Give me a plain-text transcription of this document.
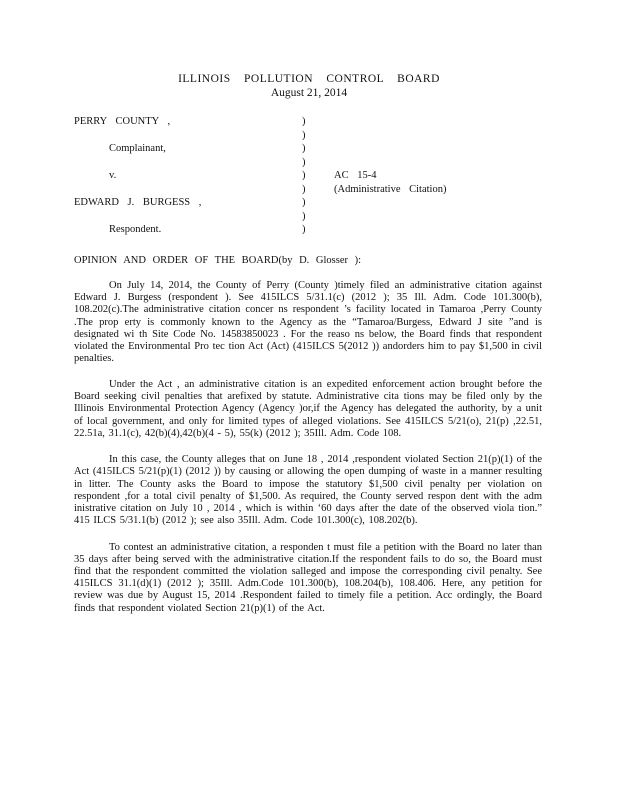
ILLINOIS POLLUTION CONTROL BOARD
August 21, 2014
PERRY COUNTY ,	)
)
Complainant,	)
)
v.	)	AC 15-4
)	(Administrative Citation)
EDWARD J. BURGESS ,	)
)
Respondent.	)
OPINION AND ORDER OF THE BOARD(by D. Glosser ):

On July 14, 2014, the County of Perry (County )timely filed an administrative citation against Edward J. Burgess (respondent ). See 415ILCS 5/31.1(c) (2012 ); 35 Ill. Adm. Code 101.300(b), 108.202(c).The administrative citation concer ns respondent ’s facility located in Tamaroa ,Perry County .The prop erty is commonly known to the Agency as the “Tamaroa/Burgess, Edward J site ”and is designated wi th Site Code No. 14583850023 . For the reaso ns below, the Board finds that respondent violated the Environmental Pro tec tion Act (Act) (415ILCS 5(2012 )) andorders him to pay $1,500 in civil penalties.

Under the Act , an administrative citation is an expedited enforcement action brought before the Board seeking civil penalties that arefixed by statute. Administrative cita tions may be filed only by the Illinois Environmental Protection Agency (Agency )or,if the Agency has delegated the authority, by a unit of local government, and only for limited types of alleged violations. See 415ILCS 5/21(o), 21(p) ,22.51, 22.51a, 31.1(c), 42(b)(4),42(b)(4 - 5), 55(k) (2012 ); 35Ill. Adm. Code 108.

In this case, the County alleges that on June 18 , 2014 ,respondent violated Section 21(p)(1) of the Act (415ILCS 5/21(p)(1) (2012 )) by causing or allowing the open dumping of waste in a manner resulting in litter. The County asks the Board to impose the statutory $1,500 civil penalty per violation on respondent ,for a total civil penalty of $1,500. As required, the County served respon dent with the adm inistrative citation on July 10 , 2014 , which is within ‘60 days after the date of the observed viola tion.” 415 ILCS 5/31.1(b) (2012 ); see also 35Ill. Adm. Code 101.300(c), 108.202(b).

To contest an administrative citation, a responden t must file a petition with the Board no later than 35 days after being served with the administrative citation.If the respondent fails to do so, the Board must find that the respondent committed the violation salleged and impose the corresponding civil penalty. See 415ILCS 31.1(d)(1) (2012 ); 35Ill. Adm.Code 101.300(b), 108.204(b), 108.406. Here, any petition for review was due by August 15, 2014 .Respondent failed to timely file a petition. Acc ordingly, the Board finds that respondent violated Section 21(p)(1) of the Act.
